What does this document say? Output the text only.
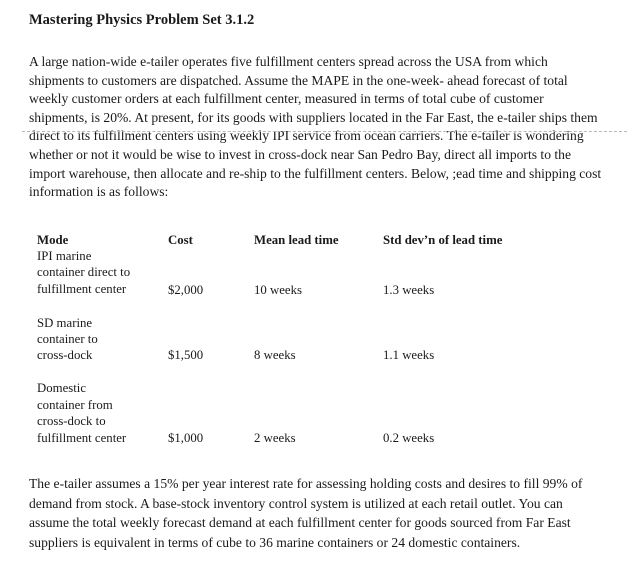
Mastering Physics Problem Set 3.1.2

A large nation-wide e-tailer operates five fulfillment centers spread across the USA from which shipments to customers are dispatched. Assume the MAPE in the one-week- ahead forecast of total weekly customer orders at each fulfillment center, measured in terms of total cube of customer shipments, is 20%. At present, for its goods with suppliers located in the Far East, the e-tailer ships them direct to its fulfillment centers using weekly IPI service from ocean carriers. The e-tailer is wondering whether or not it would be wise to invest in cross-dock near San Pedro Bay, direct all imports to the import warehouse, then allocate and re-ship to the fulfillment centers. Below, ;ead time and shipping cost information is as follows:

Mode	Cost	Mean lead time	Std dev’n of lead time
IPI marine
container direct to
fulfillment center	$2,000	10 weeks	1.3 weeks
SD marine
container to
cross-dock	$1,500	8 weeks	1.1 weeks
Domestic
container from
cross-dock to
fulfillment center	$1,000	2 weeks	0.2 weeks

The e-tailer assumes a 15% per year interest rate for assessing holding costs and desires to fill 99% of demand from stock. A base-stock inventory control system is utilized at each retail outlet. You can assume the total weekly forecast demand at each fulfillment center for goods sourced from Far East suppliers is equivalent in terms of cube to 36 marine containers or 24 domestic containers.
